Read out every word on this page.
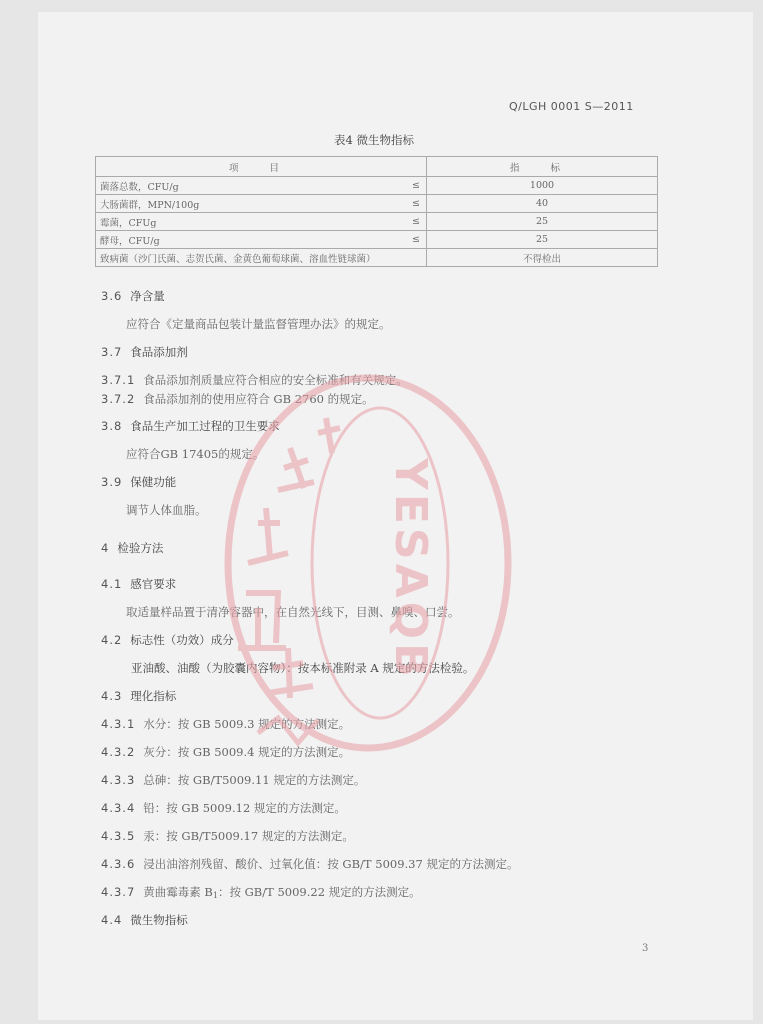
Q/LGH 0001 S—2011
表4 微生物指标
项 目	指 标

菌落总数，CFU/g ≤	1000

大肠菌群，MPN/100g ≤	40

霉菌，CFUg ≤	25

酵母，CFU/g ≤	25

致病菌（沙门氏菌、志贺氏菌、金黄色葡萄球菌、溶血性链球菌）	不得检出
3.6 净含量
应符合《定量商品包装计量监督管理办法》的规定。
3.7 食品添加剂
3.7.1 食品添加剂质量应符合相应的安全标准和有关规定。
3.7.2 食品添加剂的使用应符合 GB 2760 的规定。
3.8 食品生产加工过程的卫生要求
应符合GB 17405的规定。
3.9 保健功能
调节人体血脂。
4 检验方法
4.1 感官要求
取适量样品置于清净容器中，在自然光线下，目测、鼻嗅、口尝。
4.2 标志性（功效）成分
亚油酸、油酸（为胶囊内容物）：按本标准附录 A 规定的方法检验。
4.3 理化指标
4.3.1 水分：按 GB 5009.3 规定的方法测定。
4.3.2 灰分：按 GB 5009.4 规定的方法测定。
4.3.3 总砷：按 GB/T5009.11 规定的方法测定。
4.3.4 铅：按 GB 5009.12 规定的方法测定。
4.3.5 汞：按 GB/T5009.17 规定的方法测定。
4.3.6 浸出油溶剂残留、酸价、过氧化值：按 GB/T 5009.37 规定的方法测定。
4.3.7 黄曲霉毒素 $B_1$：按 GB/T 5009.22 规定的方法测定。
4.4 微生物指标
3
YESAQB
